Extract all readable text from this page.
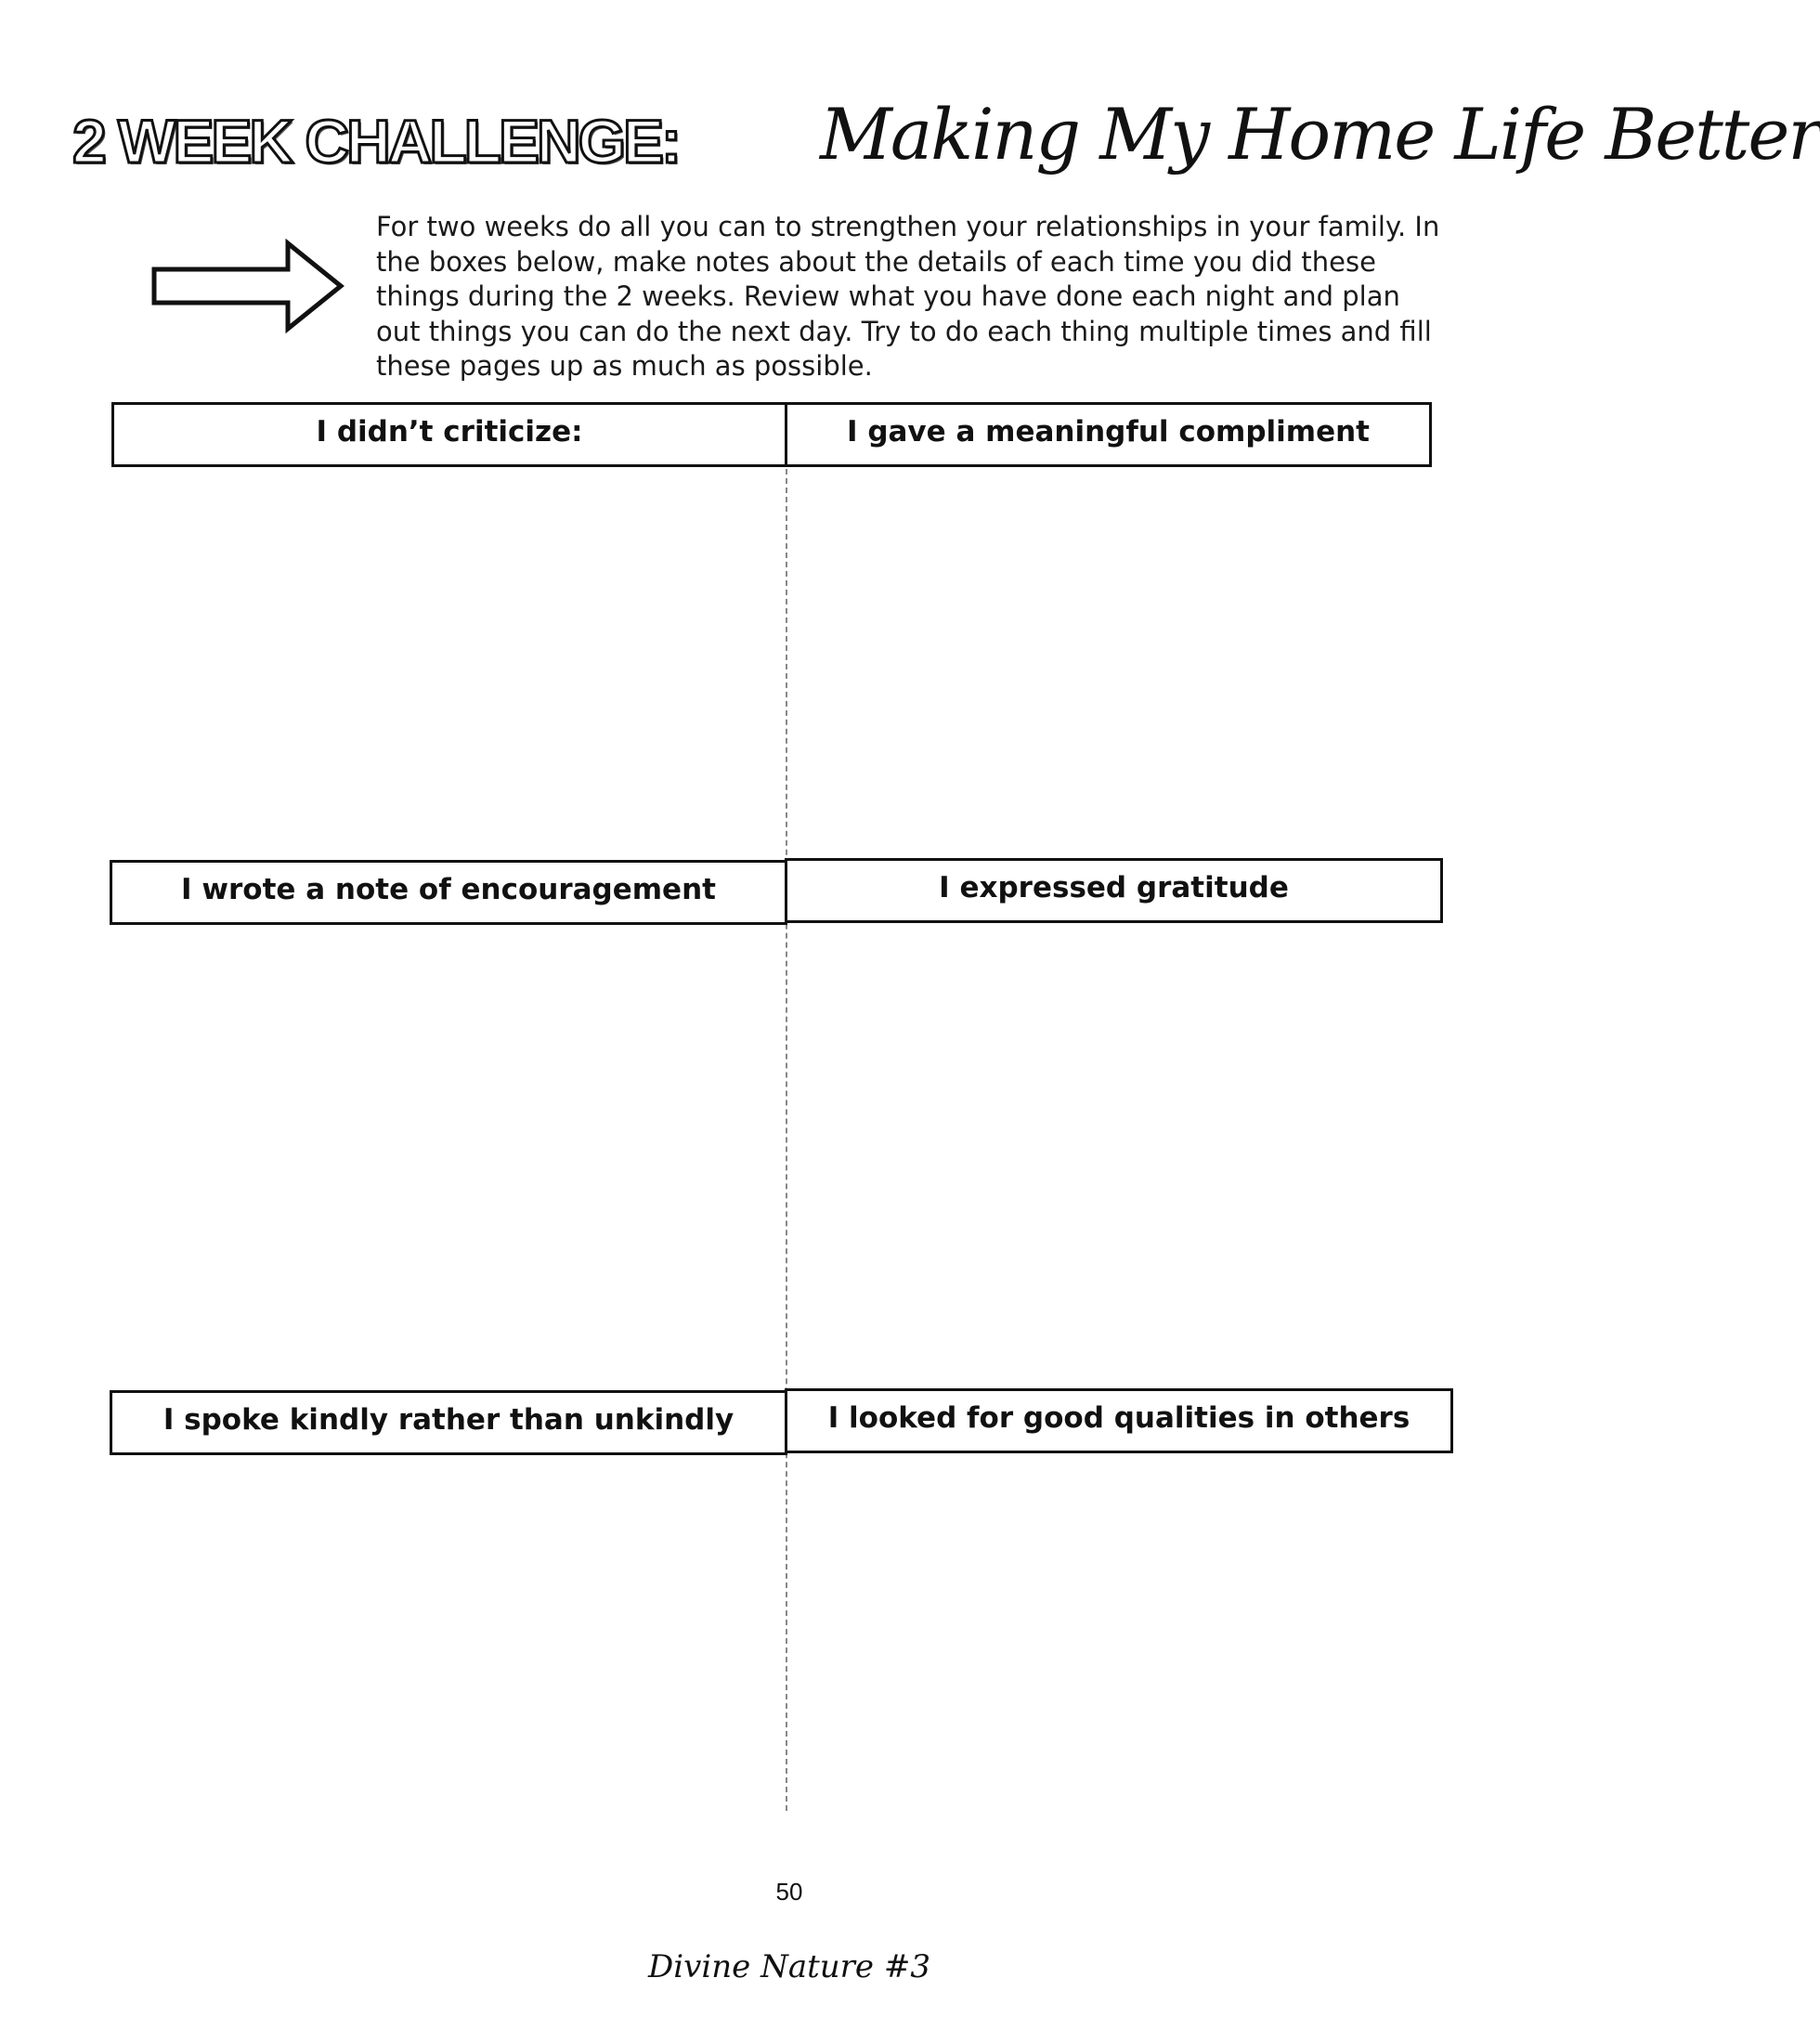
2 WEEK CHALLENGE: Making My Home Life Better
For two weeks do all you can to strengthen your relationships in your family. In
the boxes below, make notes about the details of each time you did these
things during the 2 weeks. Review what you have done each night and plan
out things you can do the next day. Try to do each thing multiple times and fill
these pages up as much as possible.
I didn’t criticize:	I gave a meaningful compliment
I wrote a note of encouragement	I expressed gratitude
I spoke kindly rather than unkindly	I looked for good qualities in others
50
Divine Nature #3
